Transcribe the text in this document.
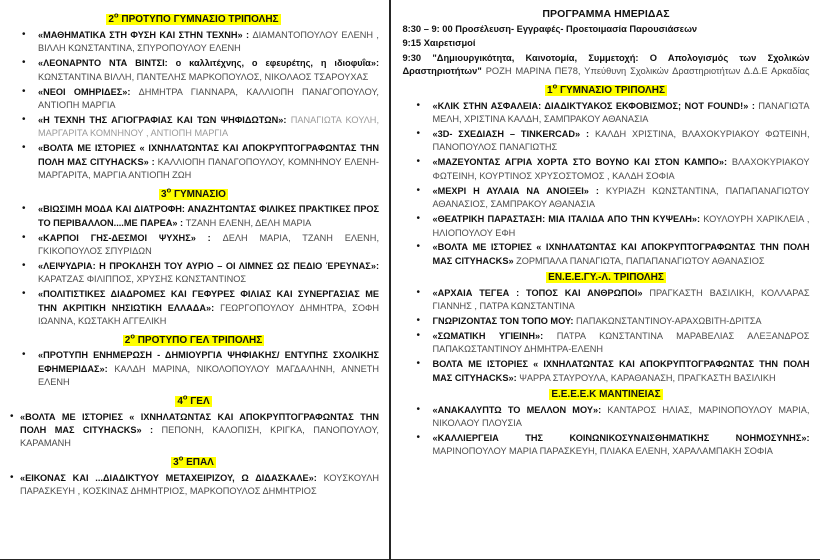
$2^o$ ΠΡΟΤΥΠΟ ΓΥΜΝΑΣΙΟ ΤΡΙΠΟΛΗΣ
• «ΜΑΘΗΜΑΤΙΚΑ ΣΤΗ ΦΥΣΗ ΚΑΙ ΣΤΗΝ ΤΕΧΝΗ» : ΔΙΑΜΑΝΤΟΠΟΥΛΟΥ ΕΛΕΝΗ , ΒΙΛΛΗ ΚΩΝΣΤΑΝΤΙΝΑ, ΣΠΥΡΟΠΟΥΛΟΥ ΕΛΕΝΗ
• «ΛΕΟΝΑΡΝΤΟ ΝΤΑ ΒΙΝΤΣΙ: ο καλλιτέχνης, ο εφευρέτης, η ιδιοφυΐα»: ΚΩΝΣΤΑΝΤΙΝΑ ΒΙΛΛΗ, ΠΑΝΤΕΛΗΣ ΜΑΡΚΟΠΟΥΛΟΣ, ΝΙΚΟΛΑΟΣ ΤΣΑΡΟΥΧΑΣ
• «ΝΕΟΙ ΟΜΗΡΙΔΕΣ»: ΔΗΜΗΤΡΑ ΓΙΑΝΝΑΡΑ, ΚΑΛΛΙΟΠΗ ΠΑΝΑΓΟΠΟΥΛΟΥ, ΑΝΤΙΟΠΗ ΜΑΡΓΙΑ
• «Η ΤΕΧΝΗ ΤΗΣ ΑΓΙΟΓΡΑΦΙΑΣ ΚΑΙ ΤΩΝ ΨΗΦΙΔΩΤΩΝ»: ΠΑΝΑΓΙΩΤΑ ΚΟΥΛΗ, ΜΑΡΓΑΡΙΤΑ ΚΟΜΝΗΝΟΥ , ΑΝΤΙΟΠΗ ΜΑΡΓΙΑ
• «ΒΟΛΤΑ ΜΕ ΙΣΤΟΡΙΕΣ « ΙΧΝΗΛΑΤΩΝΤΑΣ ΚΑΙ ΑΠΟΚΡΥΠΤΟΓΡΑΦΩΝΤΑΣ ΤΗΝ ΠΟΛΗ ΜΑΣ CITYHACKS» : ΚΑΛΛΙΟΠΗ ΠΑΝΑΓΟΠΟΥΛΟΥ, ΚΟΜΝΗΝΟΥ ΕΛΕΝΗ-ΜΑΡΓΑΡΙΤΑ, ΜΑΡΓΙΑ ΑΝΤΙΟΠΗ ΖΩΗ
$3^o$ ΓΥΜΝΑΣΙΟ
• «ΒΙΩΣΙΜΗ ΜΟΔΑ ΚΑΙ ΔΙΑΤΡΟΦΗ: ΑΝΑΖΗΤΩΝΤΑΣ ΦΙΛΙΚΕΣ ΠΡΑΚΤΙΚΕΣ ΠΡΟΣ ΤΟ ΠΕΡΙΒΑΛΛΟΝ....ΜΕ ΠΑΡΕΑ» : ΤΖΑΝΗ ΕΛΕΝΗ, ΔΕΛΗ ΜΑΡΙΑ
• «ΚΑΡΠΟΙ ΓΗΣ-ΔΕΣΜΟΙ ΨΥΧΗΣ» : ΔΕΛΗ ΜΑΡΙΑ, ΤΖΑΝΗ ΕΛΕΝΗ, ΓΚΙΚΟΠΟΥΛΟΣ ΣΠΥΡΙΔΩΝ
• «ΛΕΙΨΥΔΡΙΑ: Η ΠΡΟΚΛΗΣΗ ΤΟΥ ΑΥΡΙΟ – ΟΙ ΛΙΜΝΕΣ ΩΣ ΠΕΔΙΟ ΈΡΕΥΝΑΣ»: ΚΑΡΑΤΖΑΣ ΦΙΛΙΠΠΟΣ, ΧΡΥΣΗΣ ΚΩΝΣΤΑΝΤΙΝΟΣ
• «ΠΟΛΙΤΙΣΤΙΚΕΣ ΔΙΑΔΡΟΜΕΣ ΚΑΙ ΓΕΦΥΡΕΣ ΦΙΛΙΑΣ ΚΑΙ ΣΥΝΕΡΓΑΣΙΑΣ ΜΕ ΤΗΝ ΑΚΡΙΤΙΚΗ ΝΗΣΙΩΤΙΚΗ ΕΛΛΑΔΑ»: ΓΕΩΡΓΟΠΟΥΛΟΥ ΔΗΜΗΤΡΑ, ΣΟΦΗ ΙΩΑΝΝΑ, ΚΩΣΤΑΚΗ ΑΓΓΕΛΙΚΗ
$2^o$ ΠΡΟΤΥΠΟ ΓΕΛ ΤΡΙΠΟΛΗΣ
• «ΠΡΟΤΥΠΗ ΕΝΗΜΕΡΩΣΗ - ΔΗΜΙΟΥΡΓΙΑ ΨΗΦΙΑΚΗΣ/ ΕΝΤΥΠΗΣ ΣΧΟΛΙΚΗΣ ΕΦΗΜΕΡΙΔΑΣ»: ΚΑΛΔΗ ΜΑΡΙΝΑ, ΝΙΚΟΛΟΠΟΥΛΟΥ ΜΑΓΔΑΛΗΝΗ, ΑΝΝΕΤΗ ΕΛΕΝΗ
$4^o$ ΓΕΛ
• «ΒΟΛΤΑ ΜΕ ΙΣΤΟΡΙΕΣ « ΙΧΝΗΛΑΤΩΝΤΑΣ ΚΑΙ ΑΠΟΚΡΥΠΤΟΓΡΑΦΩΝΤΑΣ ΤΗΝ ΠΟΛΗ ΜΑΣ CITYHACKS» : ΠΕΠΟΝΗ, ΚΑΛΟΠΙΣΗ, ΚΡΙΓΚΑ, ΠΑΝΟΠΟΥΛΟΥ, ΚΑΡΑΜΑΝΗ
$3^o$ ΕΠΑΛ
• «ΕΙΚΟΝΑΣ ΚΑΙ ...ΔΙΑΔΙΚΤΥΟΥ ΜΕΤΑΧΕΙΡΙΖΟΥ, Ω ΔΙΔΑΣΚΑΛΕ»: ΚΟΥΣΚΟΥΛΗ ΠΑΡΑΣΚΕΥΗ , ΚΟΣΚΙΝΑΣ ΔΗΜΗΤΡΙΟΣ, ΜΑΡΚΟΠΟΥΛΟΣ ΔΗΜΗΤΡΙΟΣ
ΠΡΟΓΡΑΜΜΑ ΗΜΕΡΙΔΑΣ
8:30 – 9: 00 Προσέλευση- Εγγραφές- Προετοιμασία Παρουσιάσεων
9:15 Χαιρετισμοί
9:30 "Δημιουργικότητα, Καινοτομία, Συμμετοχή: Ο Απολογισμός των Σχολικών Δραστηριοτήτων" ΡΟΖΗ ΜΑΡΙΝΑ ΠΕ78, Υπεύθυνη Σχολικών Δραστηριοτήτων Δ.Δ.Ε Αρκαδίας
$1^o$ ΓΥΜΝΑΣΙΟ ΤΡΙΠΟΛΗΣ
• «ΚΛΙΚ ΣΤΗΝ ΑΣΦΑΛΕΙΑ: ΔΙΑΔΙΚΤΥΑΚΟΣ ΕΚΦΟΒΙΣΜΟΣ; NOT FOUND!» : ΠΑΝΑΓΙΩΤΑ ΜΕΛΗ, ΧΡΙΣΤΙΝΑ ΚΑΛΔΗ, ΣΑΜΠΡΑΚΟΥ ΑΘΑΝΑΣΙΑ
• «3D- ΣΧΕΔΙΑΣΗ – TINKERCAD» : ΚΑΛΔΗ ΧΡΙΣΤΙΝΑ, ΒΛΑΧΟΚΥΡΙΑΚΟΥ ΦΩΤΕΙΝΗ, ΠΑΝΟΠΟΥΛΟΣ ΠΑΝΑΓΙΩΤΗΣ
• «ΜΑΖΕΥΟΝΤΑΣ ΑΓΡΙΑ ΧΟΡΤΑ ΣΤΟ ΒΟΥΝΟ ΚΑΙ ΣΤΟΝ ΚΑΜΠΟ»: ΒΛΑΧΟΚΥΡΙΑΚΟΥ ΦΩΤΕΙΝΗ, ΚΟΥΡΤΙΝΟΣ ΧΡΥΣΟΣΤΟΜΟΣ , ΚΑΛΔΗ ΣΟΦΙΑ
• «ΜΕΧΡΙ Η ΑΥΛΑΙΑ ΝΑ ΑΝΟΙΞΕΙ» : ΚΥΡΙΑΖΗ ΚΩΝΣΤΑΝΤΙΝΑ, ΠΑΠΑΠΑΝΑΓΙΩΤΟΥ ΑΘΑΝΑΣΙΟΣ, ΣΑΜΠΡΑΚΟΥ ΑΘΑΝΑΣΙΑ
• «ΘΕΑΤΡΙΚΗ ΠΑΡΑΣΤΑΣΗ: ΜΙΑ ΙΤΑΛΙΔΑ ΑΠΟ ΤΗΝ ΚΥΨΕΛΗ»: ΚΟΥΛΟΥΡΗ ΧΑΡΙΚΛΕΙΑ , ΗΛΙΟΠΟΥΛΟΥ ΕΦΗ
• «ΒΟΛΤΑ ΜΕ ΙΣΤΟΡΙΕΣ « ΙΧΝΗΛΑΤΩΝΤΑΣ ΚΑΙ ΑΠΟΚΡΥΠΤΟΓΡΑΦΩΝΤΑΣ ΤΗΝ ΠΟΛΗ ΜΑΣ CITYHACKS» ΖΟΡΜΠΑΛΑ ΠΑΝΑΓΙΩΤΑ, ΠΑΠΑΠΑΝΑΓΙΩΤΟΥ ΑΘΑΝΑΣΙΟΣ
ΕΝ.Ε.Ε.ΓΥ.-Λ. ΤΡΙΠΟΛΗΣ
• «ΑΡΧΑΙΑ ΤΕΓΕΑ : ΤΟΠΟΣ ΚΑΙ ΑΝΘΡΩΠΟΙ» ΠΡΑΓΚΑΣΤΗ ΒΑΣΙΛΙΚΗ, ΚΟΛΛΑΡΑΣ ΓΙΑΝΝΗΣ , ΠΑΤΡΑ ΚΩΝΣΤΑΝΤΙΝΑ
• ΓΝΩΡΙΖΟΝΤΑΣ ΤΟΝ ΤΟΠΟ ΜΟΥ: ΠΑΠΑΚΩΝΣΤΑΝΤΙΝΟΥ-ΑΡΑΧΩΒΙΤΗ-ΔΡΙΤΣΑ
• «ΣΩΜΑΤΙΚΗ ΥΓΙΕΙΝΗ»: ΠΑΤΡΑ ΚΩΝΣΤΑΝΤΙΝΑ ΜΑΡΑΒΕΛΙΑΣ ΑΛΕΞΑΝΔΡΟΣ ΠΑΠΑΚΩΣΤΑΝΤΙΝΟΥ ΔΗΜΗΤΡΑ-ΕΛΕΝΗ
• ΒΟΛΤΑ ΜΕ ΙΣΤΟΡΙΕΣ « ΙΧΝΗΛΑΤΩΝΤΑΣ ΚΑΙ ΑΠΟΚΡΥΠΤΟΓΡΑΦΩΝΤΑΣ ΤΗΝ ΠΟΛΗ ΜΑΣ CITYHACKS»: ΨΑΡΡΑ ΣΤΑΥΡΟΥΛΑ, ΚΑΡΑΘΑΝΑΣΗ, ΠΡΑΓΚΑΣΤΗ ΒΑΣΙΛΙΚΗ
Ε.Ε.Ε.Ε.Κ ΜΑΝΤΙΝΕΙΑΣ
• «ΑΝΑΚΑΛΥΠΤΩ ΤΟ ΜΕΛΛΟΝ ΜΟΥ»: ΚΑΝΤΑΡΟΣ ΗΛΙΑΣ, ΜΑΡΙΝΟΠΟΥΛΟΥ ΜΑΡΙΑ, ΝΙΚΟΛΑΟΥ ΠΛΟΥΣΙΑ
• «ΚΑΛΛΙΕΡΓΕΙΑ ΤΗΣ ΚΟΙΝΩΝΙΚΟΣΥΝΑΙΣΘΗΜΑΤΙΚΗΣ ΝΟΗΜΟΣΥΝΗΣ»: ΜΑΡΙΝΟΠΟΥΛΟΥ ΜΑΡΙΑ ΠΑΡΑΣΚΕΥΗ, ΠΛΙΑΚΑ ΕΛΕΝΗ, ΧΑΡΑΛΑΜΠΑΚΗ ΣΟΦΙΑ
